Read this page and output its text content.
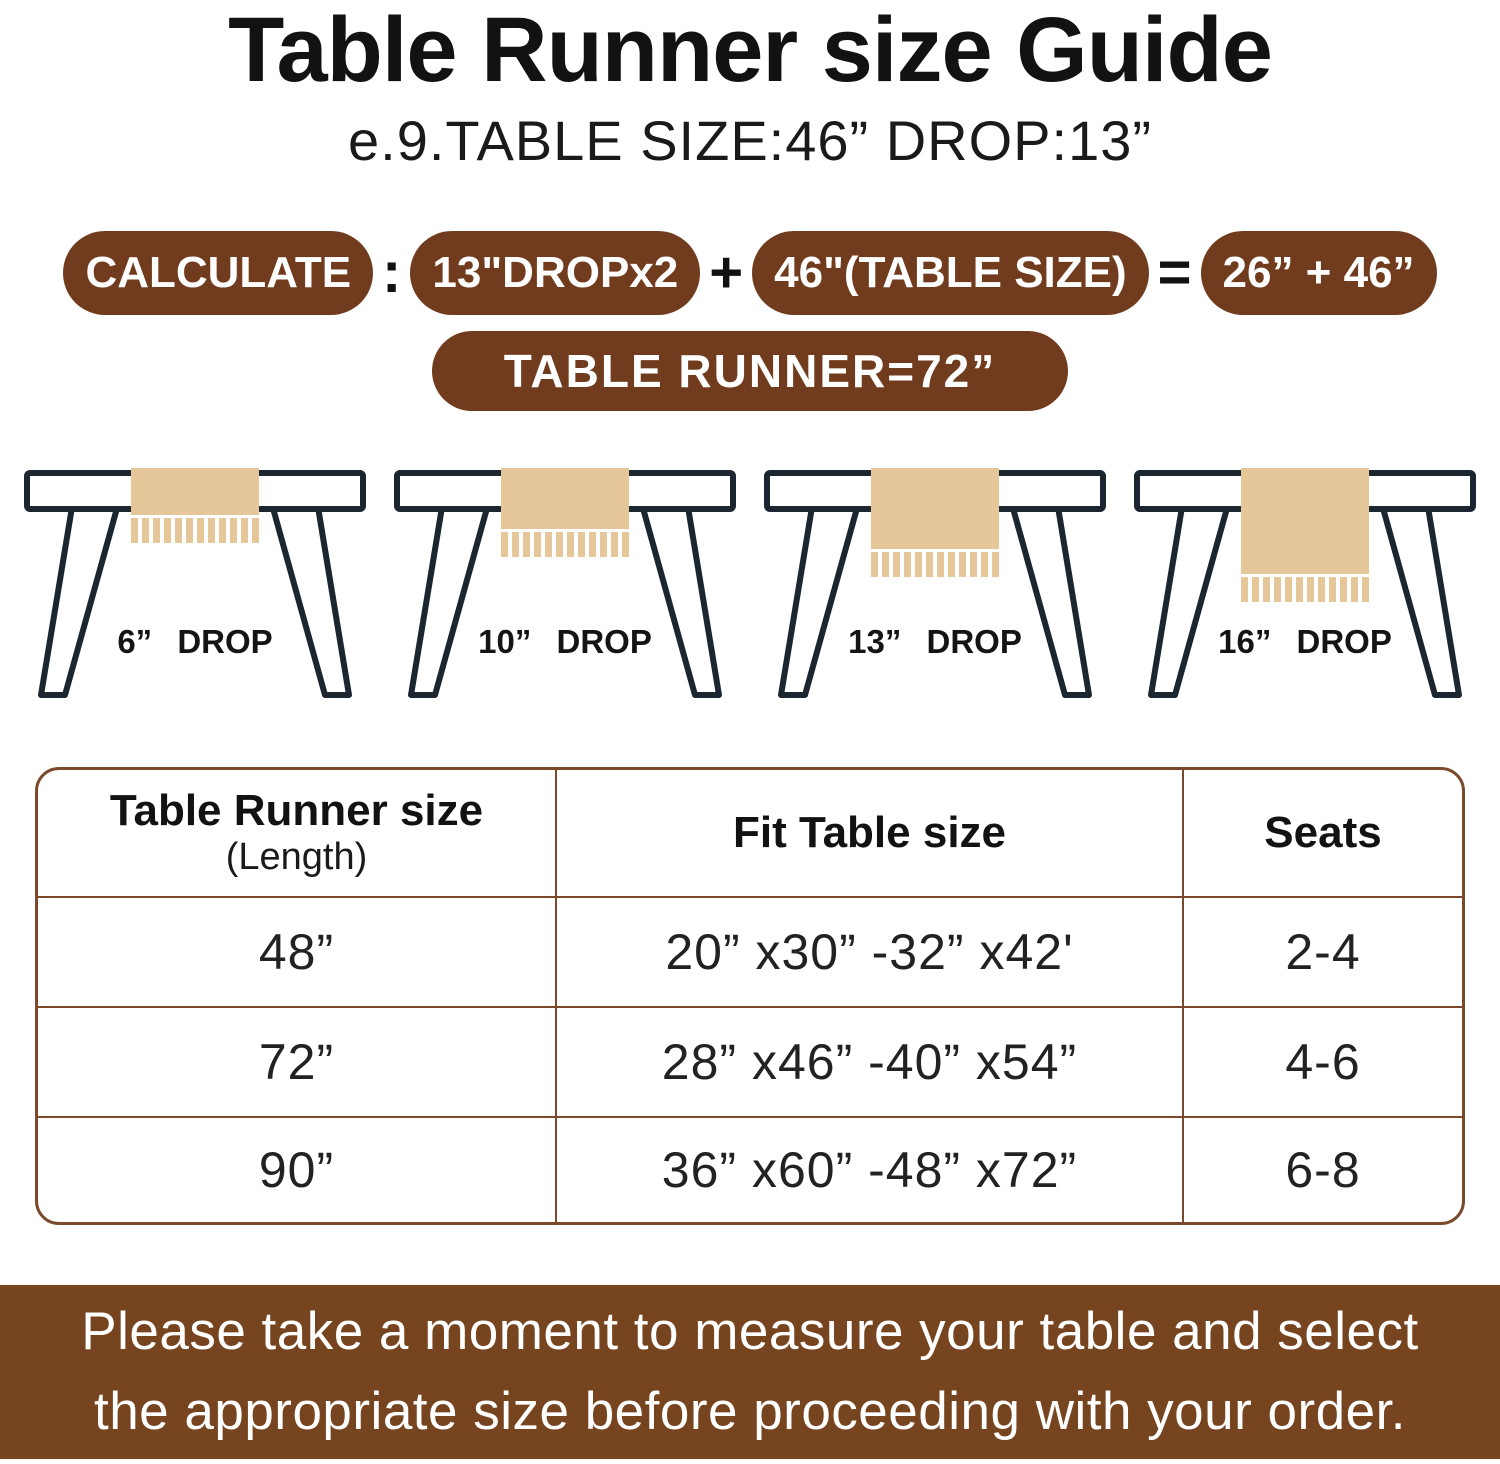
Table Runner size Guide
e.9.TABLE SIZE:46” DROP:13”
CALCULATE : 13"DROPx2 + 46"(TABLE SIZE) = 26” + 46”
TABLE RUNNER=72”
6” DROP	10” DROP	13” DROP	16” DROP
Table Runner size
(Length)	Fit Table size	Seats
48”	20” x30” -32” x42'	2-4
72”	28” x46” -40” x54”	4-6
90”	36” x60” -48” x72”	6-8
Please take a moment to measure your table and select
the appropriate size before proceeding with your order.
